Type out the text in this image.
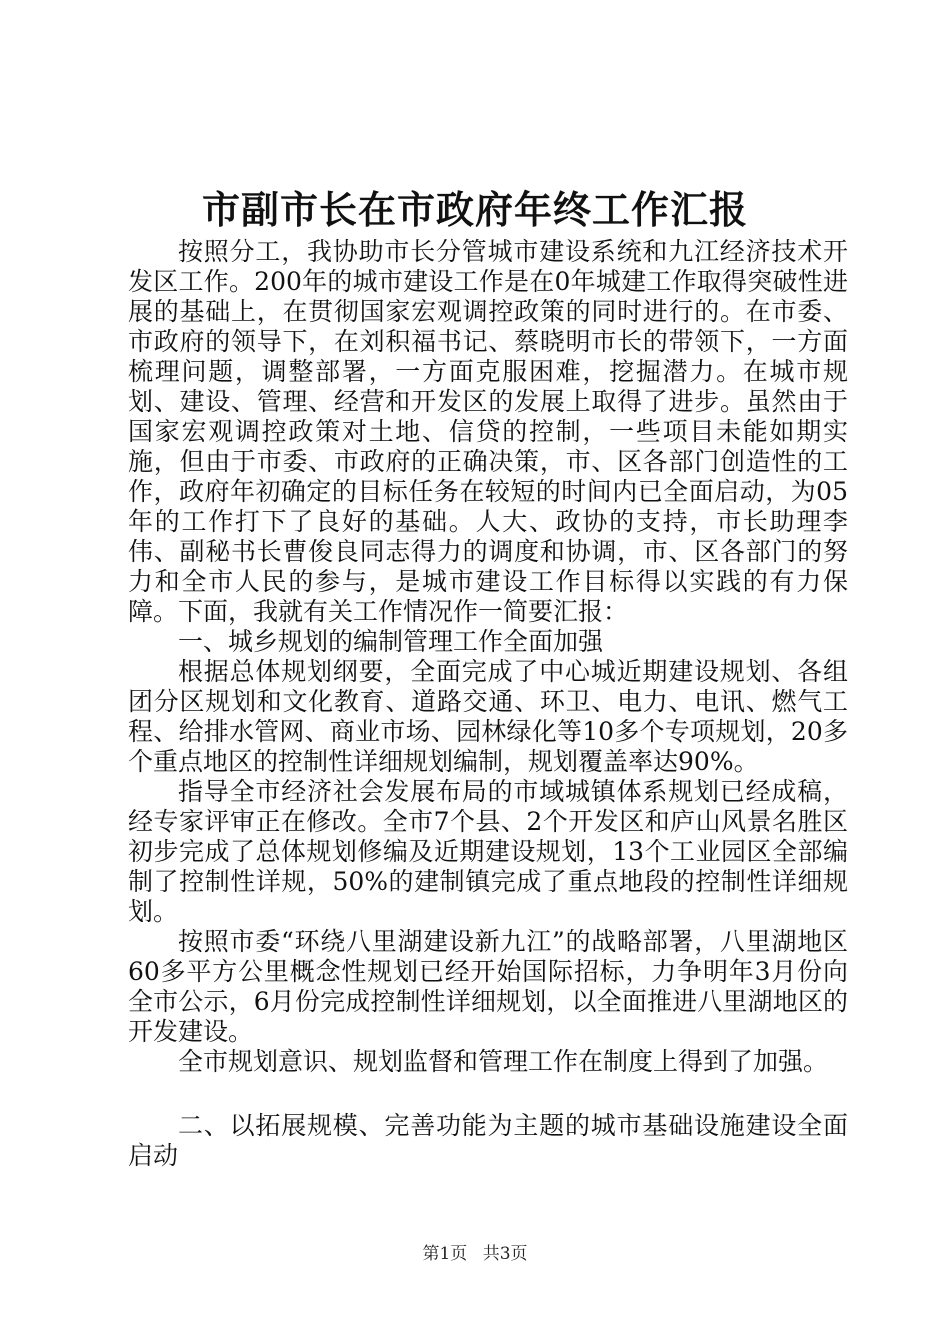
市副市长在市政府年终工作汇报

按照分工，我协助市长分管城市建设系统和九江经济技术开发区工作。200年的城市建设工作是在0年城建工作取得突破性进展的基础上，在贯彻国家宏观调控政策的同时进行的。在市委、市政府的领导下，在刘积福书记、蔡晓明市长的带领下，一方面梳理问题，调整部署，一方面克服困难，挖掘潜力。在城市规划、建设、管理、经营和开发区的发展上取得了进步。虽然由于国家宏观调控政策对土地、信贷的控制，一些项目未能如期实施，但由于市委、市政府的正确决策，市、区各部门创造性的工作，政府年初确定的目标任务在较短的时间内已全面启动，为05年的工作打下了良好的基础。人大、政协的支持，市长助理李伟、副秘书长曹俊良同志得力的调度和协调，市、区各部门的努力和全市人民的参与，是城市建设工作目标得以实践的有力保障。下面，我就有关工作情况作一简要汇报：

一、城乡规划的编制管理工作全面加强

根据总体规划纲要，全面完成了中心城近期建设规划、各组团分区规划和文化教育、道路交通、环卫、电力、电讯、燃气工程、给排水管网、商业市场、园林绿化等10多个专项规划，20多个重点地区的控制性详细规划编制，规划覆盖率达90%。

指导全市经济社会发展布局的市域城镇体系规划已经成稿，经专家评审正在修改。全市7个县、2个开发区和庐山风景名胜区初步完成了总体规划修编及近期建设规划，13个工业园区全部编制了控制性详规，50%的建制镇完成了重点地段的控制性详细规划。

按照市委“环绕八里湖建设新九江”的战略部署，八里湖地区60多平方公里概念性规划已经开始国际招标，力争明年3月份向全市公示，6月份完成控制性详细规划，以全面推进八里湖地区的开发建设。

全市规划意识、规划监督和管理工作在制度上得到了加强。

二、以拓展规模、完善功能为主题的城市基础设施建设全面启动

第1页 共3页
